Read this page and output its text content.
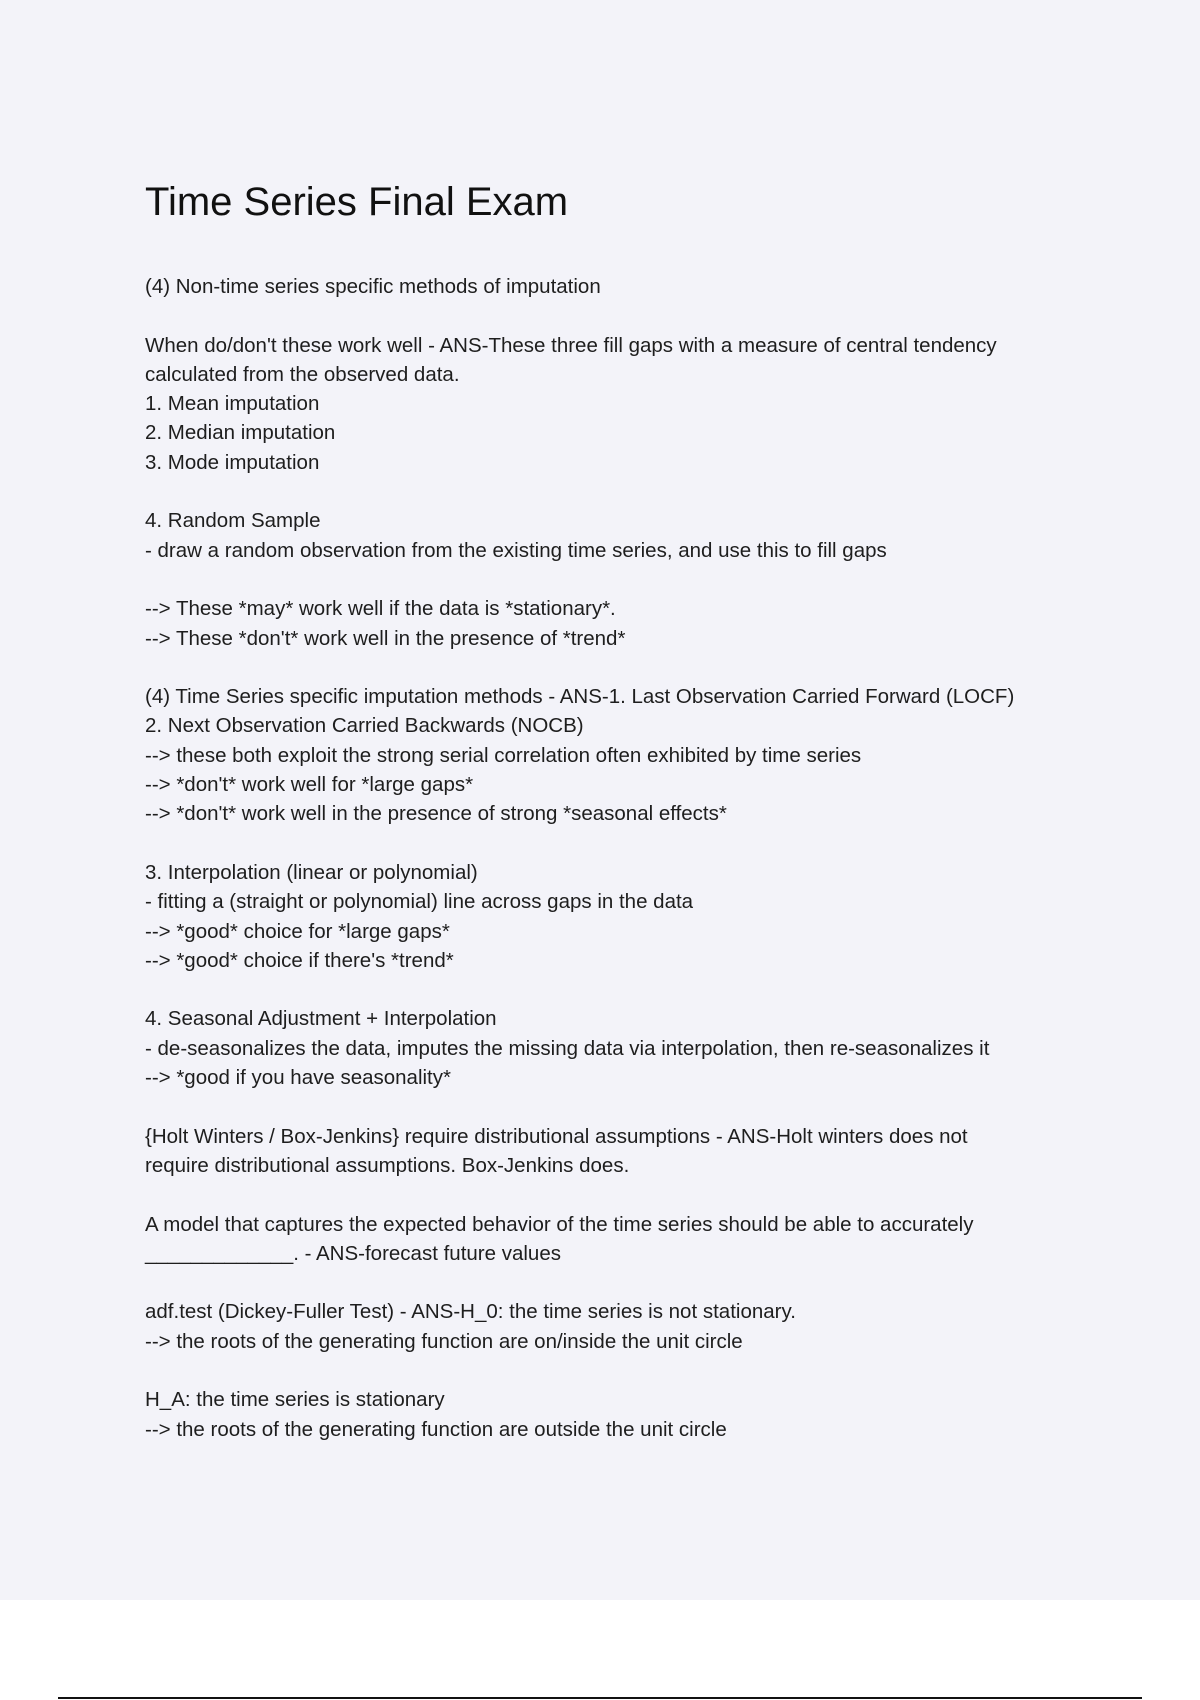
Time Series Final Exam
(4) Non-time series specific methods of imputation
When do/don't these work well - ANS-These three fill gaps with a measure of central tendency
calculated from the observed data.
1. Mean imputation
2. Median imputation
3. Mode imputation
4. Random Sample
- draw a random observation from the existing time series, and use this to fill gaps
--> These *may* work well if the data is *stationary*.
--> These *don't* work well in the presence of *trend*
(4) Time Series specific imputation methods - ANS-1. Last Observation Carried Forward (LOCF)
2. Next Observation Carried Backwards (NOCB)
--> these both exploit the strong serial correlation often exhibited by time series
--> *don't* work well for *large gaps*
--> *don't* work well in the presence of strong *seasonal effects*
3. Interpolation (linear or polynomial)
- fitting a (straight or polynomial) line across gaps in the data
--> *good* choice for *large gaps*
--> *good* choice if there's *trend*
4. Seasonal Adjustment + Interpolation
- de-seasonalizes the data, imputes the missing data via interpolation, then re-seasonalizes it
--> *good if you have seasonality*
{Holt Winters / Box-Jenkins} require distributional assumptions - ANS-Holt winters does not
require distributional assumptions. Box-Jenkins does.
A model that captures the expected behavior of the time series should be able to accurately
_____________. - ANS-forecast future values
adf.test (Dickey-Fuller Test) - ANS-H_0: the time series is not stationary.
--> the roots of the generating function are on/inside the unit circle
H_A: the time series is stationary
--> the roots of the generating function are outside the unit circle
